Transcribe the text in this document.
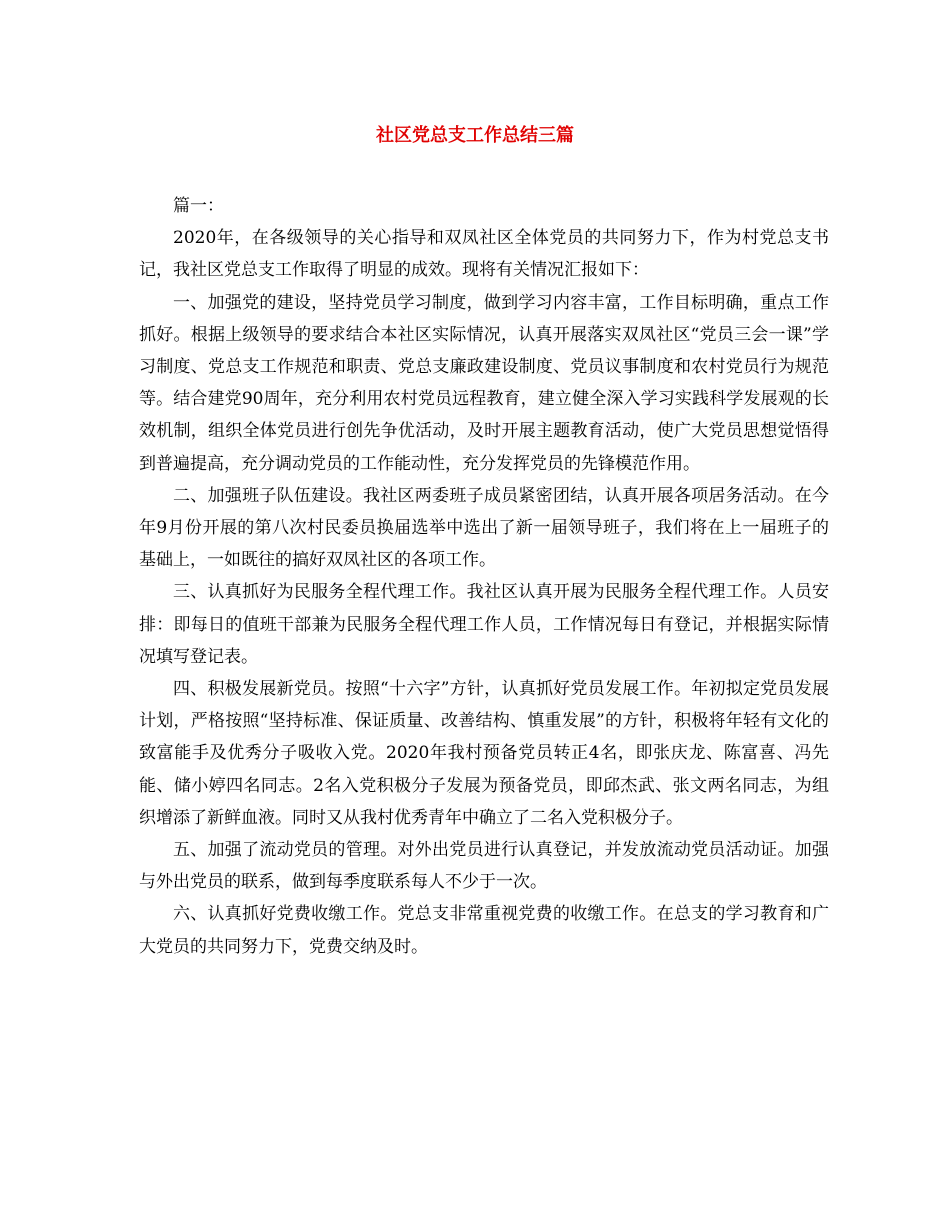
社区党总支工作总结三篇

篇一：

2020年，在各级领导的关心指导和双凤社区全体党员的共同努力下，作为村党总支书记，我社区党总支工作取得了明显的成效。现将有关情况汇报如下：

一、加强党的建设，坚持党员学习制度，做到学习内容丰富，工作目标明确，重点工作抓好。根据上级领导的要求结合本社区实际情况，认真开展落实双凤社区“党员三会一课”学习制度、党总支工作规范和职责、党总支廉政建设制度、党员议事制度和农村党员行为规范等。结合建党90周年，充分利用农村党员远程教育，建立健全深入学习实践科学发展观的长效机制，组织全体党员进行创先争优活动，及时开展主题教育活动，使广大党员思想觉悟得到普遍提高，充分调动党员的工作能动性，充分发挥党员的先锋模范作用。

二、加强班子队伍建设。我社区两委班子成员紧密团结，认真开展各项居务活动。在今年9月份开展的第八次村民委员换届选举中选出了新一届领导班子，我们将在上一届班子的基础上，一如既往的搞好双凤社区的各项工作。

三、认真抓好为民服务全程代理工作。我社区认真开展为民服务全程代理工作。人员安排：即每日的值班干部兼为民服务全程代理工作人员，工作情况每日有登记，并根据实际情况填写登记表。

四、积极发展新党员。按照“十六字”方针，认真抓好党员发展工作。年初拟定党员发展计划，严格按照“坚持标准、保证质量、改善结构、慎重发展”的方针，积极将年轻有文化的致富能手及优秀分子吸收入党。2020年我村预备党员转正4名，即张庆龙、陈富喜、冯先能、储小婷四名同志。2名入党积极分子发展为预备党员，即邱杰武、张文两名同志，为组织增添了新鲜血液。同时又从我村优秀青年中确立了二名入党积极分子。

五、加强了流动党员的管理。对外出党员进行认真登记，并发放流动党员活动证。加强与外出党员的联系，做到每季度联系每人不少于一次。

六、认真抓好党费收缴工作。党总支非常重视党费的收缴工作。在总支的学习教育和广大党员的共同努力下，党费交纳及时。
